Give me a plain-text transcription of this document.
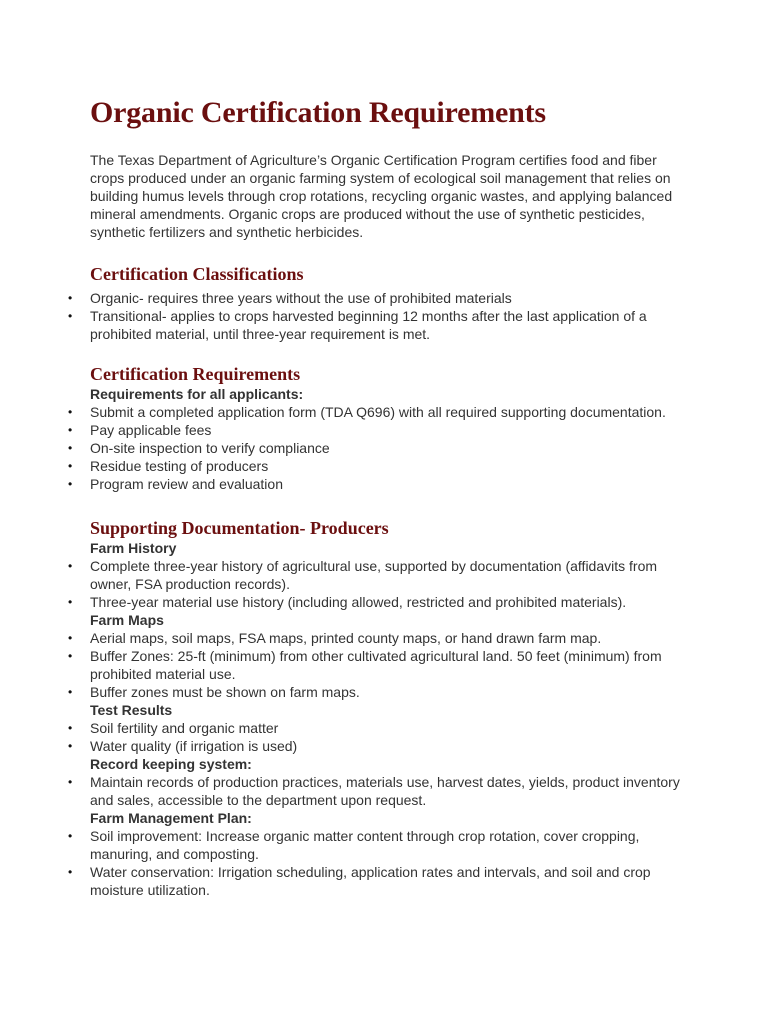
Organic Certification Requirements

The Texas Department of Agriculture’s Organic Certification Program certifies food and fiber crops produced under an organic farming system of ecological soil management that relies on building humus levels through crop rotations, recycling organic wastes, and applying balanced mineral amendments. Organic crops are produced without the use of synthetic pesticides, synthetic fertilizers and synthetic herbicides.

Certification Classifications
•	Organic- requires three years without the use of prohibited materials
•	Transitional- applies to crops harvested beginning 12 months after the last application of a prohibited material, until three-year requirement is met.
Certification Requirements

Requirements for all applicants:

•	Submit a completed application form (TDA Q696) with all required supporting documentation.
•	Pay applicable fees
•	On-site inspection to verify compliance
•	Residue testing of producers
•	Program review and evaluation
Supporting Documentation- Producers

Farm History

•	Complete three-year history of agricultural use, supported by documentation (affidavits from owner, FSA production records).
•	Three-year material use history (including allowed, restricted and prohibited materials).

Farm Maps

•	Aerial maps, soil maps, FSA maps, printed county maps, or hand drawn farm map.
•	Buffer Zones: 25-ft (minimum) from other cultivated agricultural land. 50 feet (minimum) from prohibited material use.
•	Buffer zones must be shown on farm maps.

Test Results

•	Soil fertility and organic matter
•	Water quality (if irrigation is used)

Record keeping system:

•	Maintain records of production practices, materials use, harvest dates, yields, product inventory and sales, accessible to the department upon request.

Farm Management Plan:

•	Soil improvement: Increase organic matter content through crop rotation, cover cropping, manuring, and composting.
•	Water conservation: Irrigation scheduling, application rates and intervals, and soil and crop moisture utilization.
